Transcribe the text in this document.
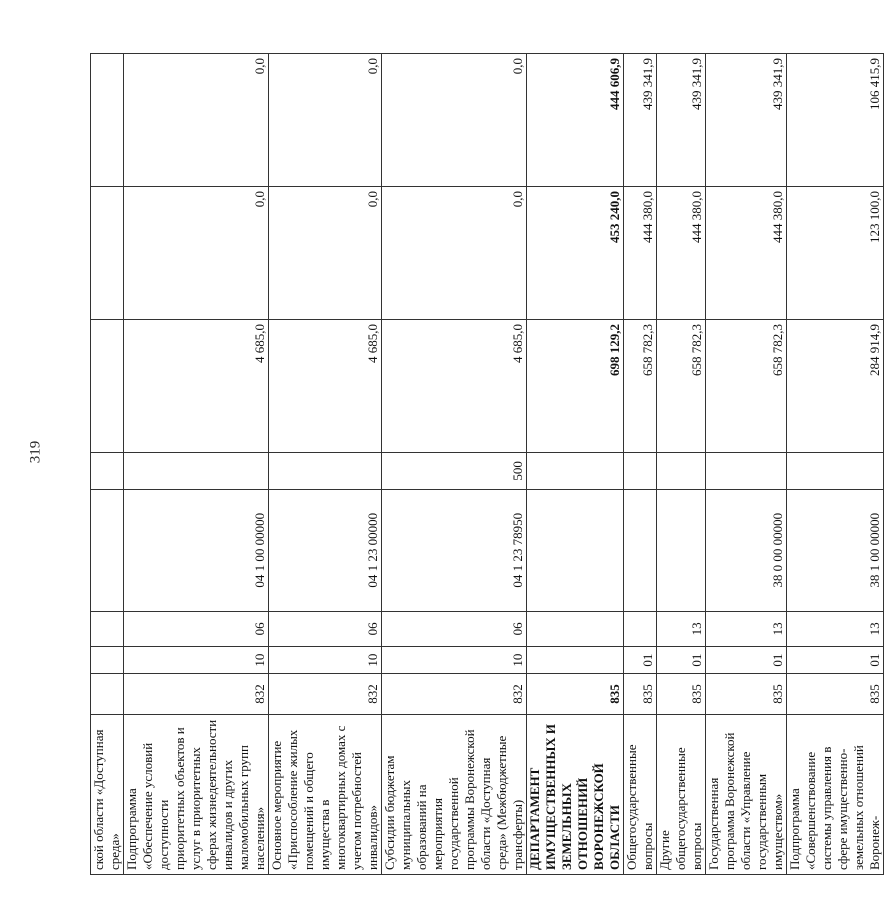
319
ской области «Доступная среда»								
Подпрограмма «Обеспечение условий доступности приоритетных объектов и услуг в приоритетных сферах жизнедеятельности инвалидов и других маломобильных групп населения»	832	10	06	04 1 00 00000		4 685,0	0,0	0,0
Основное мероприятие «Приспособление жилых помещений и общего имущества в многоквартирных домах с учетом потребностей инвалидов»	832	10	06	04 1 23 00000		4 685,0	0,0	0,0
Субсидии бюджетам муниципальных образований на мероприятия государственной программы Воронежской области «Доступная среда» (Межбюджетные трансферты)	832	10	06	04 1 23 78950	500	4 685,0	0,0	0,0
ДЕПАРТАМЕНТ ИМУЩЕСТВЕННЫХ И ЗЕМЕЛЬНЫХ ОТНОШЕНИЙ ВОРОНЕЖСКОЙ ОБЛАСТИ	835					698 129,2	453 240,0	444 606,9
Общегосударственные вопросы	835	01				658 782,3	444 380,0	439 341,9
Другие общегосударственные вопросы	835	01	13			658 782,3	444 380,0	439 341,9
Государственная программа Воронежской области «Управление государственным имуществом»	835	01	13	38 0 00 00000		658 782,3	444 380,0	439 341,9
Подпрограмма «Совершенствование системы управления в сфере имущественно-земельных отношений Воронеж-	835	01	13	38 1 00 00000		284 914,9	123 100,0	106 415,9
